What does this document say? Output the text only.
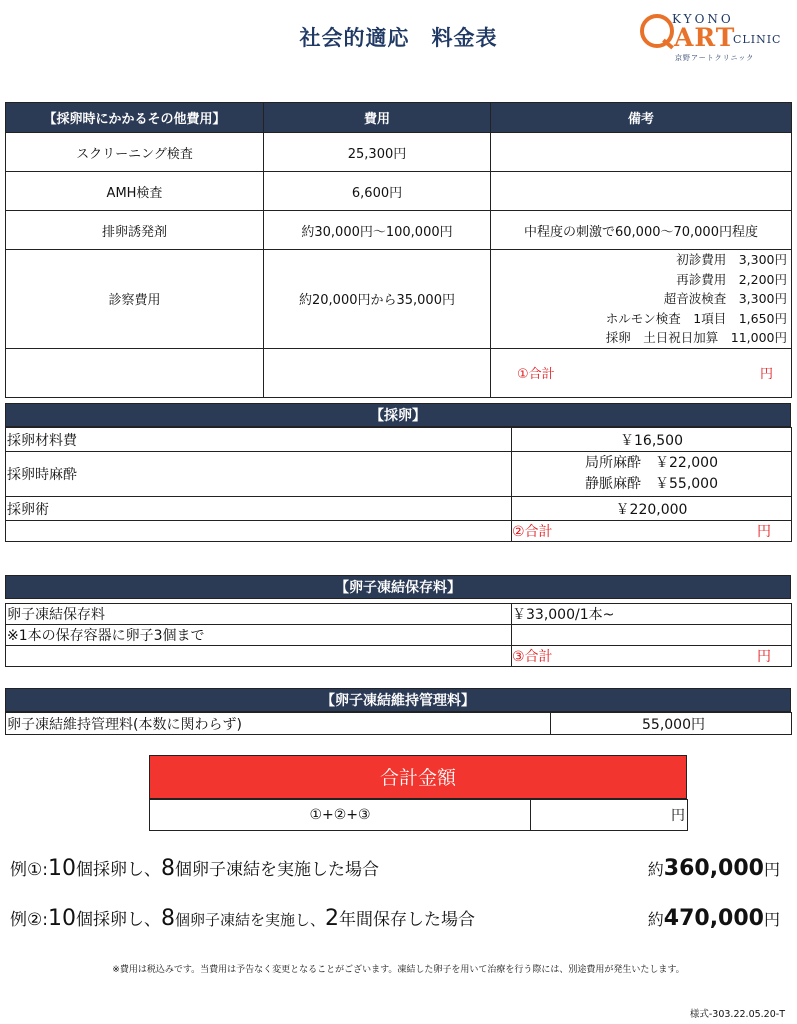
社会的適応 料金表
KYONO
ART
CLINIC
京野アートクリニック
【採卵時にかかるその他費用】	費用	備考
スクリーニング検査	25,300円	
AMH検査	6,600円	
排卵誘発剤	約30,000円～100,000円	中程度の刺激で60,000～70,000円程度
診察費用	約20,000円から35,000円	初診費用　3,300円
再診費用　2,200円
超音波検査　3,300円
ホルモン検査　1項目　1,650円
採卵　土日祝日加算　11,000円

		①合計 円
【採卵】
採卵材料費	￥16,500
採卵時麻酔	局所麻酔　￥22,000
静脈麻酔　￥55,000

採卵術	￥220,000

	②合計 円
【卵子凍結保存料】
卵子凍結保存料	￥33,000/1本~
※1本の保存容器に卵子3個まで	

	③合計 円
【卵子凍結維持管理料】
卵子凍結維持管理料(本数に関わらず)	55,000円
合計金額
①+②+③	円
例①:10個採卵し、8個卵子凍結を実施した場合	約360,000円
例②:10個採卵し、8個卵子凍結を実施し、2年間保存した場合	約470,000円
※費用は税込みです。当費用は予告なく変更となることがございます。凍結した卵子を用いて治療を行う際には、別途費用が発生いたします。
様式-303.22.05.20-T
